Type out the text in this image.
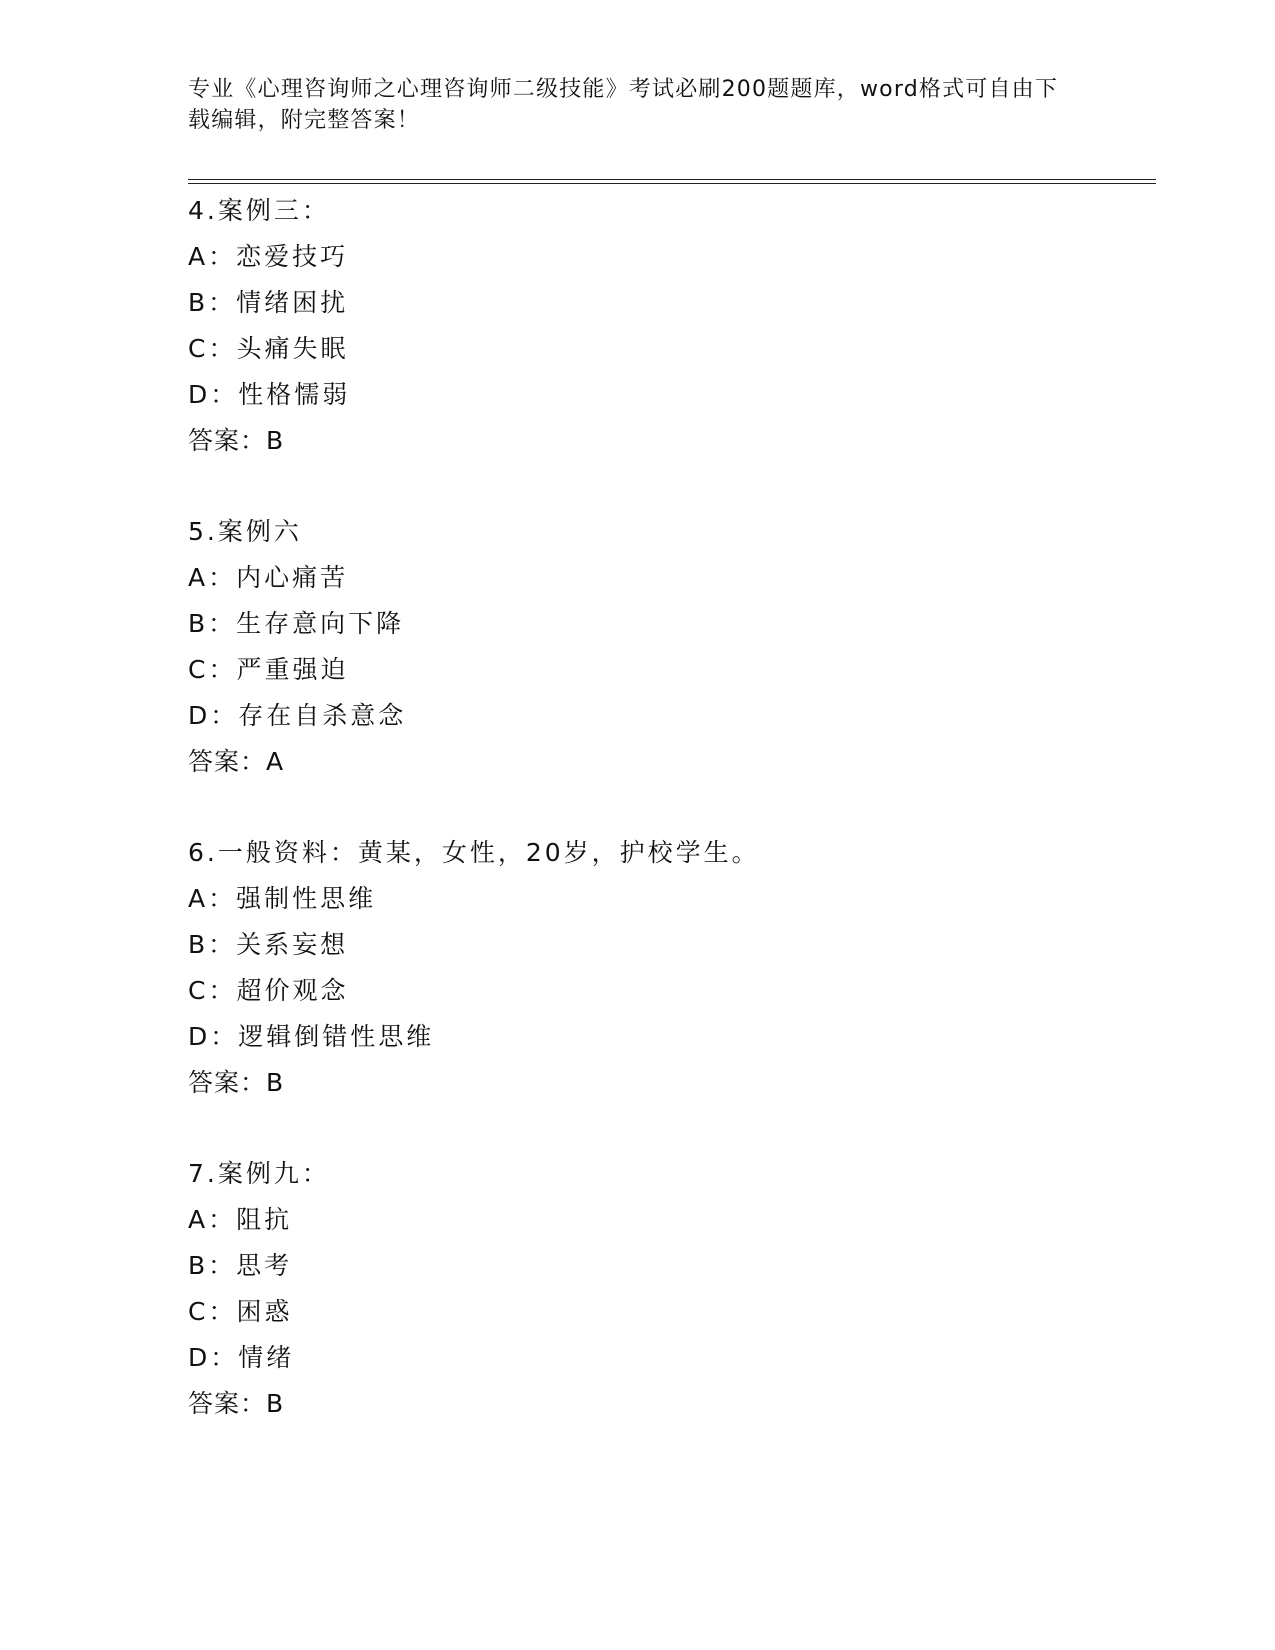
专业《心理咨询师之心理咨询师二级技能》考试必刷200题题库，word格式可自由下载编辑，附完整答案！
4.案例三：
A：恋爱技巧
B：情绪困扰
C：头痛失眠
D：性格懦弱
答案：B
5.案例六
A：内心痛苦
B：生存意向下降
C：严重强迫
D：存在自杀意念
答案：A
6.一般资料：黄某，女性，20岁，护校学生。
A：强制性思维
B：关系妄想
C：超价观念
D：逻辑倒错性思维
答案：B
7.案例九：
A：阻抗
B：思考
C：困惑
D：情绪
答案：B
